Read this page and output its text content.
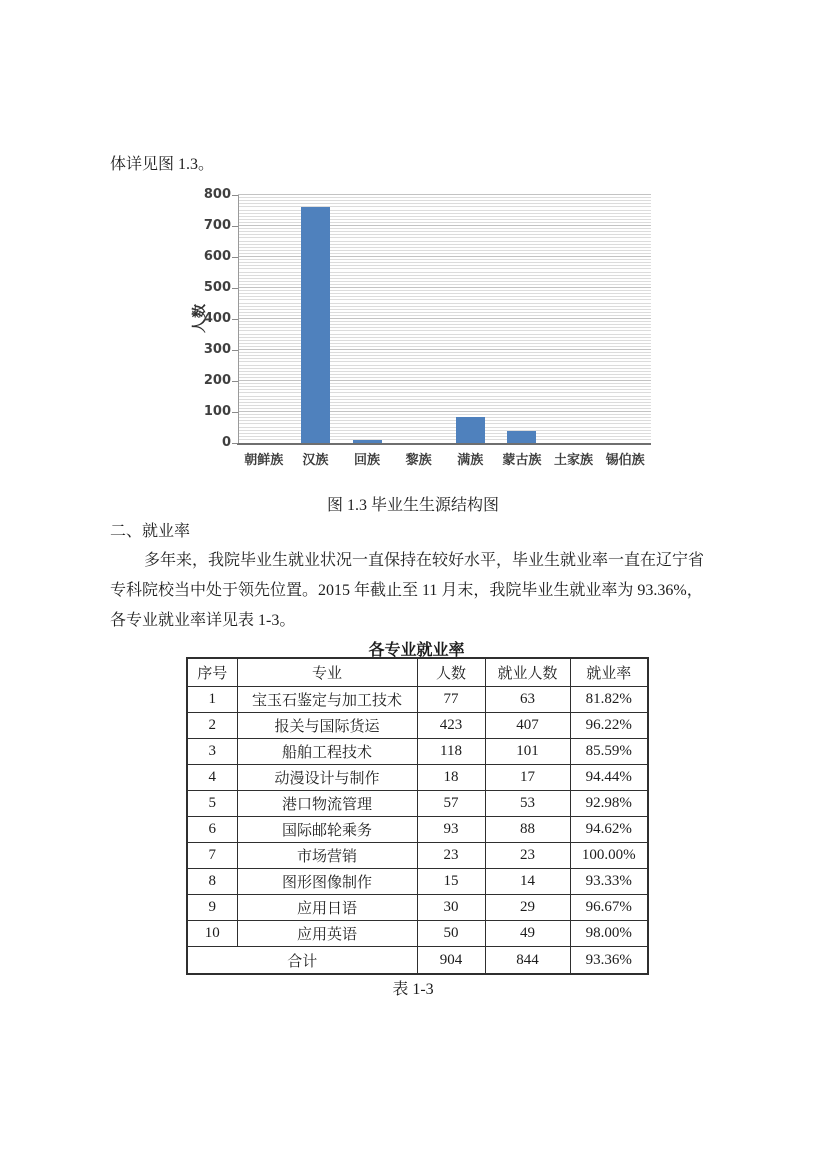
体详见图 1.3。
人数
0
100
200
300
400
500
600
700
800
朝鲜族	汉族	回族	黎族	满族	蒙古族 土家族 锡伯族
图 1.3 毕业生生源结构图
二、就业率
多年来，我院毕业生就业状况一直保持在较好水平，毕业生就业率一直在辽宁省
专科院校当中处于领先位置。2015 年截止至 11 月末，我院毕业生就业率为 93.36%，
各专业就业率详见表 1-3。
各专业就业率
序号	专业	人数	就业人数	就业率
1	宝玉石鉴定与加工技术	77	63	81.82%
2	报关与国际货运	423	407	96.22%
3	船舶工程技术	118	101	85.59%
4	动漫设计与制作	18	17	94.44%
5	港口物流管理	57	53	92.98%
6	国际邮轮乘务	93	88	94.62%
7	市场营销	23	23	100.00%
8	图形图像制作	15	14	93.33%
9	应用日语	30	29	96.67%
10	应用英语	50	49	98.00%
合计		904	844	93.36%
表 1-3
